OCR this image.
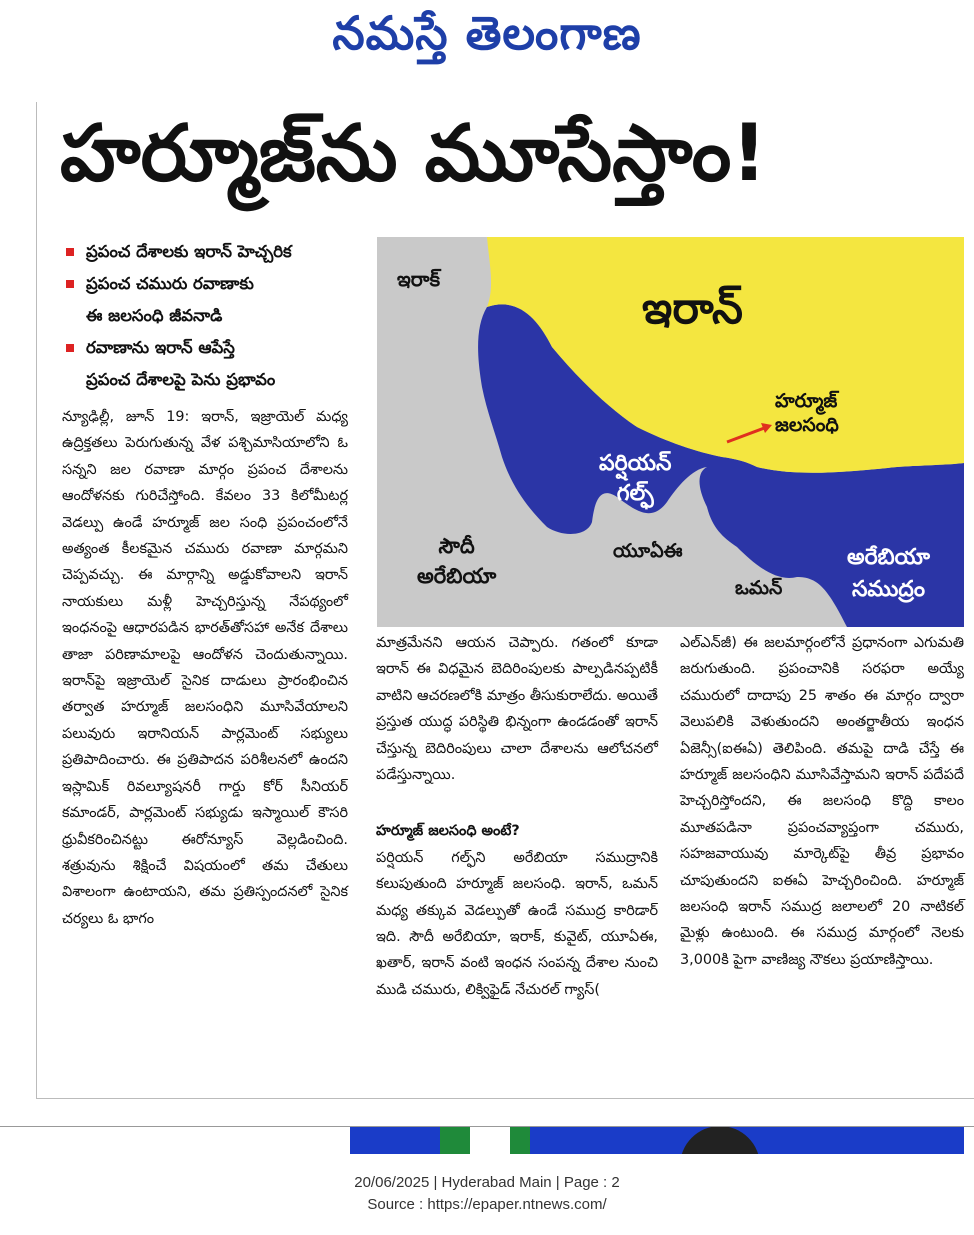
నమస్తే తెలంగాణ
హర్మూజ్‌ను మూసేస్తాం!
ప్రపంచ దేశాలకు ఇరాన్ హెచ్చరిక
ప్రపంచ చమురు రవాణాకు
ఈ జలసంధి జీవనాడి
రవాణాను ఇరాన్ ఆపేస్తే
ప్రపంచ దేశాలపై పెను ప్రభావం
ఇరాక్
ఇరాన్
హర్మూజ్
జలసంధి
పర్షియన్
గల్ఫ్
సౌదీ
అరేబియా
యూఏఈ
ఒమన్
అరేబియా
సముద్రం

న్యూఢిల్లీ, జూన్ 19: ఇరాన్, ఇజ్రాయెల్ మధ్య ఉద్రిక్తతలు పెరుగుతున్న వేళ పశ్చిమాసియాలోని ఓ సన్నని జల రవాణా మార్గం ప్రపంచ దేశాలను ఆందోళనకు గురిచేస్తోంది. కేవలం 33 కిలోమీటర్ల వెడల్పు ఉండే హర్మూజ్ జల సంధి ప్రపంచంలోనే అత్యంత కీలకమైన చమురు రవాణా మార్గమని చెప్పవచ్చు. ఈ మార్గాన్ని అడ్డుకోవాలని ఇరాన్ నాయకులు మళ్లీ హెచ్చరిస్తున్న నేపథ్యంలో ఇంధనంపై ఆధారపడిన భారత్‌తోసహా అనేక దేశాలు తాజా పరిణామాలపై ఆందోళన చెందుతున్నాయి. ఇరాన్‌పై ఇజ్రాయెల్ సైనిక దాడులు ప్రారంభించిన తర్వాత హర్మూజ్ జలసంధిని మూసివేయాలని పలువురు ఇరానియన్ పార్లమెంట్ సభ్యులు ప్రతిపాదించారు. ఈ ప్రతిపాదన పరిశీలనలో ఉందని ఇస్లామిక్ రివల్యూషనరీ గార్డు కోర్ సీనియర్ కమాండర్, పార్లమెంట్ సభ్యుడు ఇస్మాయిల్ కౌసరి ధ్రువీకరించినట్టు ఈరోన్యూస్ వెల్లడించింది. శత్రువును శిక్షించే విషయంలో తమ చేతులు విశాలంగా ఉంటాయని, తమ ప్రతిస్పందనలో సైనిక చర్యలు ఓ భాగం

మాత్రమేనని ఆయన చెప్పారు. గతంలో కూడా ఇరాన్ ఈ విధమైన బెదిరింపులకు పాల్పడినప్పటికీ వాటిని ఆచరణలోకి మాత్రం తీసుకురాలేదు. అయితే ప్రస్తుత యుద్ధ పరిస్థితి భిన్నంగా ఉండడంతో ఇరాన్ చేస్తున్న బెదిరింపులు చాలా దేశాలను ఆలోచనలో పడేస్తున్నాయి.

హర్మూజ్ జలసంధి అంటే?

పర్షియన్ గల్ఫ్‌ని అరేబియా సముద్రానికి కలుపుతుంది హర్మూజ్ జలసంధి. ఇరాన్, ఒమన్ మధ్య తక్కువ వెడల్పుతో ఉండే సముద్ర కారిడార్ ఇది. సౌదీ అరేబియా, ఇరాక్, కువైట్, యూఏఈ, ఖతార్, ఇరాన్ వంటి ఇంధన సంపన్న దేశాల నుంచి ముడి చమురు, లిక్విఫైడ్ నేచురల్ గ్యాస్(

ఎల్ఎన్‌జీ) ఈ జలమార్గంలోనే ప్రధానంగా ఎగుమతి జరుగుతుంది. ప్రపంచానికి సరఫరా అయ్యే చమురులో దాదాపు 25 శాతం ఈ మార్గం ద్వారా వెలుపలికి వెళుతుందని అంతర్జాతీయ ఇంధన ఏజెన్సీ(ఐఈఏ) తెలిపింది. తమపై దాడి చేస్తే ఈ హర్మూజ్ జలసంధిని మూసివేస్తామని ఇరాన్ పదేపదే హెచ్చరిస్తోందని, ఈ జలసంధి కొద్ది కాలం మూతపడినా ప్రపంచవ్యాప్తంగా చమురు, సహజవాయువు మార్కెట్‌పై తీవ్ర ప్రభావం చూపుతుందని ఐఈఏ హెచ్చరించింది. హర్మూజ్ జలసంధి ఇరాన్ సముద్ర జలాలలో 20 నాటికల్ మైళ్లు ఉంటుంది. ఈ సముద్ర మార్గంలో నెలకు 3,000కి పైగా వాణిజ్య నౌకలు ప్రయాణిస్తాయి.

20/06/2025 | Hyderabad Main | Page : 2
Source : https://epaper.ntnews.com/
